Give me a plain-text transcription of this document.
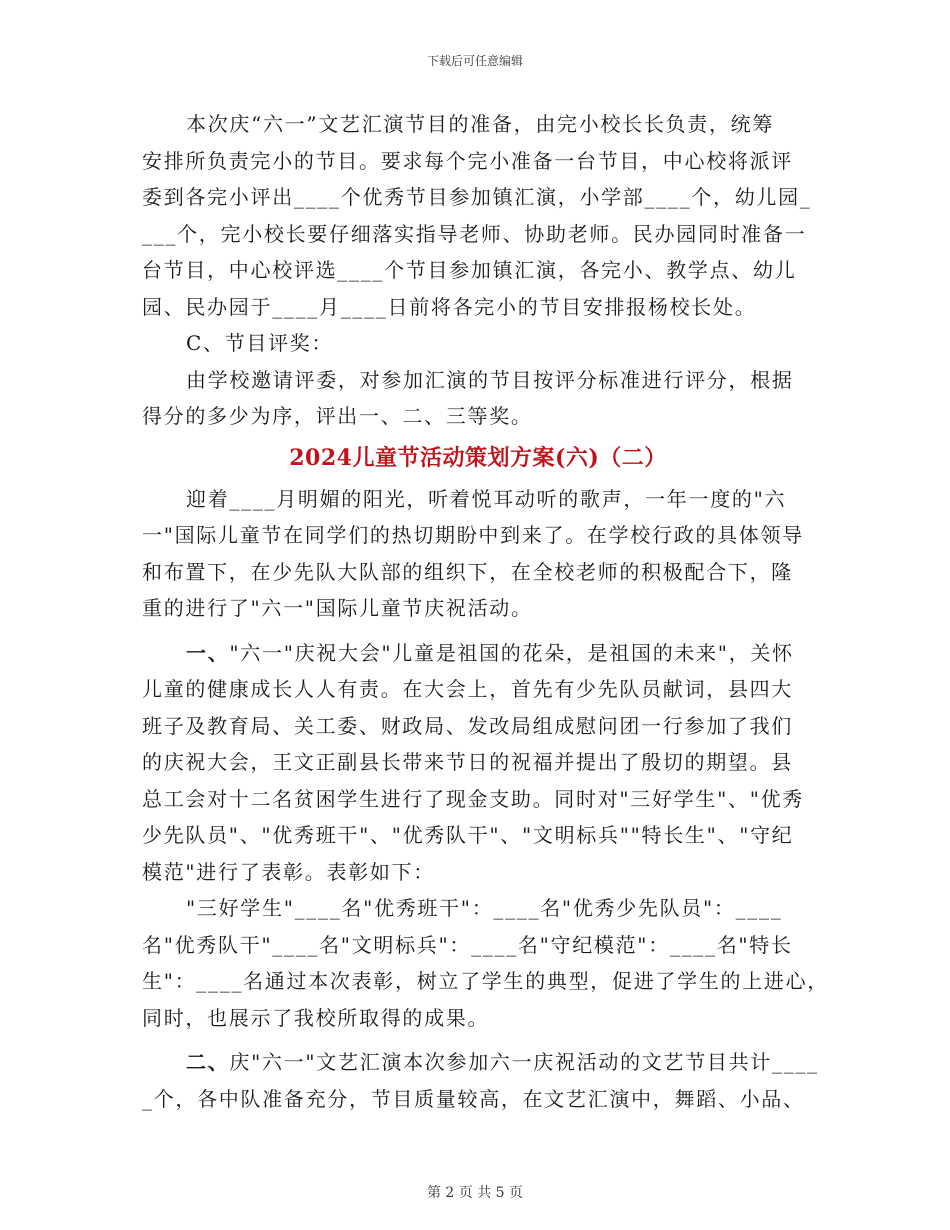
下载后可任意编辑
本次庆“六一”文艺汇演节目的准备，由完小校长长负责，统筹
安排所负责完小的节目。要求每个完小准备一台节目，中心校将派评
委到各完小评出____个优秀节目参加镇汇演，小学部____个，幼儿园_
___个，完小校长要仔细落实指导老师、协助老师。民办园同时准备一
台节目，中心校评选____个节目参加镇汇演，各完小、教学点、幼儿
园、民办园于____月____日前将各完小的节目安排报杨校长处。
C、节目评奖：
由学校邀请评委，对参加汇演的节目按评分标准进行评分，根据
得分的多少为序，评出一、二、三等奖。
2024儿童节活动策划方案(六)（二）
迎着____月明媚的阳光，听着悦耳动听的歌声，一年一度的"六
一"国际儿童节在同学们的热切期盼中到来了。在学校行政的具体领导
和布置下，在少先队大队部的组织下，在全校老师的积极配合下，隆
重的进行了"六一"国际儿童节庆祝活动。
一、"六一"庆祝大会"儿童是祖国的花朵，是祖国的未来"，关怀
儿童的健康成长人人有责。在大会上，首先有少先队员献词，县四大
班子及教育局、关工委、财政局、发改局组成慰问团一行参加了我们
的庆祝大会，王文正副县长带来节日的祝福并提出了殷切的期望。县
总工会对十二名贫困学生进行了现金支助。同时对"三好学生"、"优秀
少先队员"、"优秀班干"、"优秀队干"、"文明标兵""特长生"、"守纪
模范"进行了表彰。表彰如下：
"三好学生"____名"优秀班干"：____名"优秀少先队员"：____
名"优秀队干"____名"文明标兵"：____名"守纪模范"：____名"特长
生"：____名通过本次表彰，树立了学生的典型，促进了学生的上进心，
同时，也展示了我校所取得的成果。
二、庆"六一"文艺汇演本次参加六一庆祝活动的文艺节目共计____
_个，各中队准备充分，节目质量较高，在文艺汇演中，舞蹈、小品、
第 2 页 共 5 页
